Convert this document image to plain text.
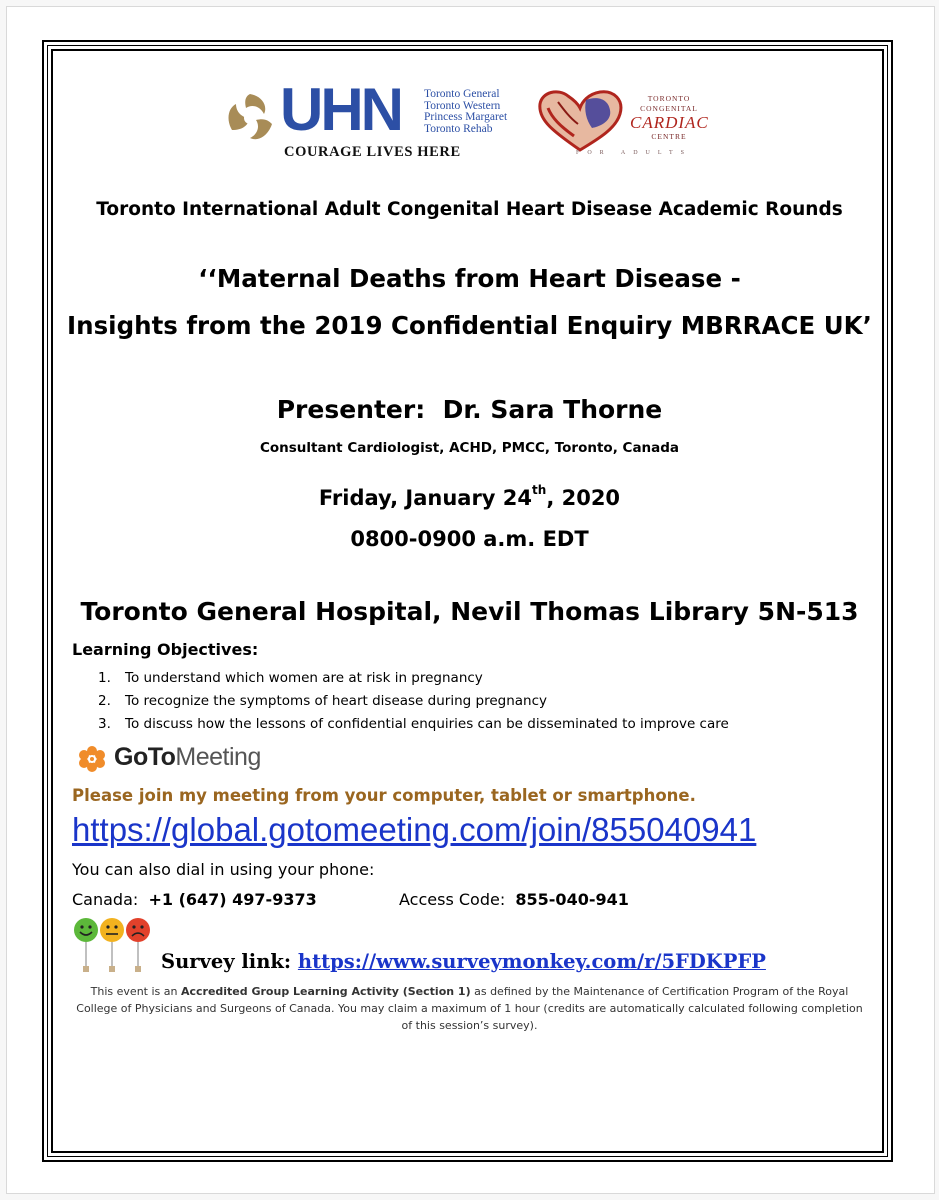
UHN Toronto General
Toronto Western
Princess Margaret
Toronto Rehab
COURAGE LIVES HERE
TORONTO
CONGENITAL
CARDIAC
CENTRE
FOR ADULTS
Toronto International Adult Congenital Heart Disease Academic Rounds
‘‘Maternal Deaths from Heart Disease -
Insights from the 2019 Confidential Enquiry MBRRACE UK’
Presenter: Dr. Sara Thorne
Consultant Cardiologist, ACHD, PMCC, Toronto, Canada
Friday, January 24th, 2020
0800-0900 a.m. EDT
Toronto General Hospital, Nevil Thomas Library 5N-513
Learning Objectives:
1. To understand which women are at risk in pregnancy
2. To recognize the symptoms of heart disease during pregnancy
3. To discuss how the lessons of confidential enquiries can be disseminated to improve care
GoToMeeting
Please join my meeting from your computer, tablet or smartphone.
https://global.gotomeeting.com/join/855040941
You can also dial in using your phone:
Canada: +1 (647) 497-9373	Access Code: 855-040-941
Survey link: https://www.surveymonkey.com/r/5FDKPFP
This event is an Accredited Group Learning Activity (Section 1) as defined by the Maintenance of Certification Program of the Royal College of Physicians and Surgeons of Canada. You may claim a maximum of 1 hour (credits are automatically calculated following completion of this session’s survey).
